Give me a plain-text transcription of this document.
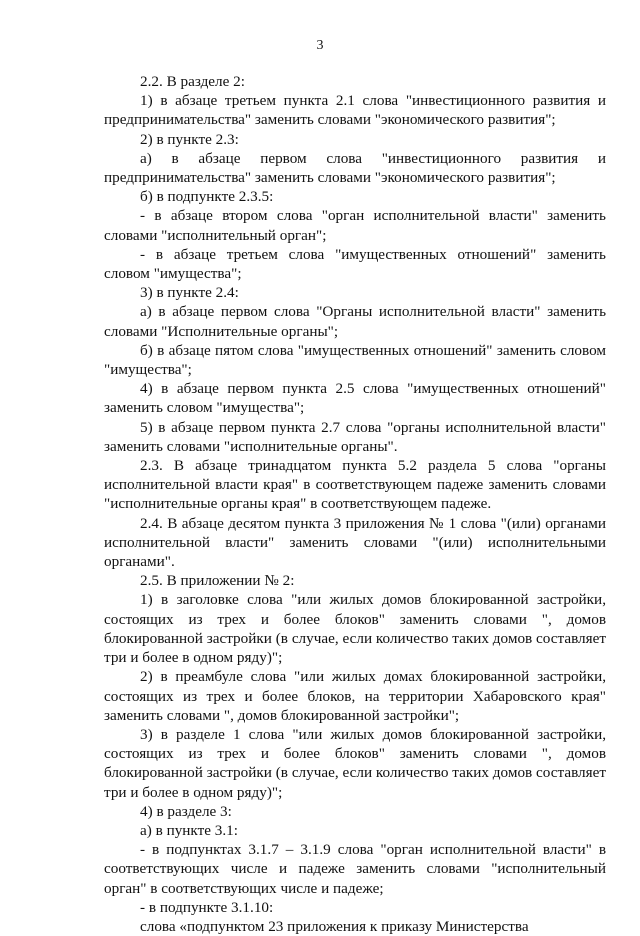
3

2.2. В разделе 2:

1) в абзаце третьем пункта 2.1 слова "инвестиционного развития и предпринимательства" заменить словами "экономического развития";

2) в пункте 2.3:

а) в абзаце первом слова "инвестиционного развития и предпринимательства" заменить словами "экономического развития";

б) в подпункте 2.3.5:

- в абзаце втором слова "орган исполнительной власти" заменить словами "исполнительный орган";

- в абзаце третьем слова "имущественных отношений" заменить словом "имущества";

3) в пункте 2.4:

а) в абзаце первом слова "Органы исполнительной власти" заменить словами "Исполнительные органы";

б) в абзаце пятом слова "имущественных отношений" заменить словом "имущества";

4) в абзаце первом пункта 2.5 слова "имущественных отношений" заменить словом "имущества";

5) в абзаце первом пункта 2.7 слова "органы исполнительной власти" заменить словами "исполнительные органы".

2.3. В абзаце тринадцатом пункта 5.2 раздела 5 слова "органы исполнительной власти края" в соответствующем падеже заменить словами "исполнительные органы края" в соответствующем падеже.

2.4. В абзаце десятом пункта 3 приложения № 1 слова "(или) органами исполнительной власти" заменить словами "(или) исполнительными органами".

2.5. В приложении № 2:

1) в заголовке слова "или жилых домов блокированной застройки, состоящих из трех и более блоков" заменить словами ", домов блокированной застройки (в случае, если количество таких домов составляет три и более в одном ряду)";

2) в преамбуле слова "или жилых домах блокированной застройки, состоящих из трех и более блоков, на территории Хабаровского края" заменить словами ", домов блокированной застройки";

3) в разделе 1 слова "или жилых домов блокированной застройки, состоящих из трех и более блоков" заменить словами ", домов блокированной застройки (в случае, если количество таких домов составляет три и более в одном ряду)";

4) в разделе 3:

а) в пункте 3.1:

- в подпунктах 3.1.7 – 3.1.9 слова "орган исполнительной власти" в соответствующих числе и падеже заменить словами "исполнительный орган" в соответствующих числе и падеже;

- в подпункте 3.1.10:

слова «подпунктом 23 приложения к приказу Министерства
